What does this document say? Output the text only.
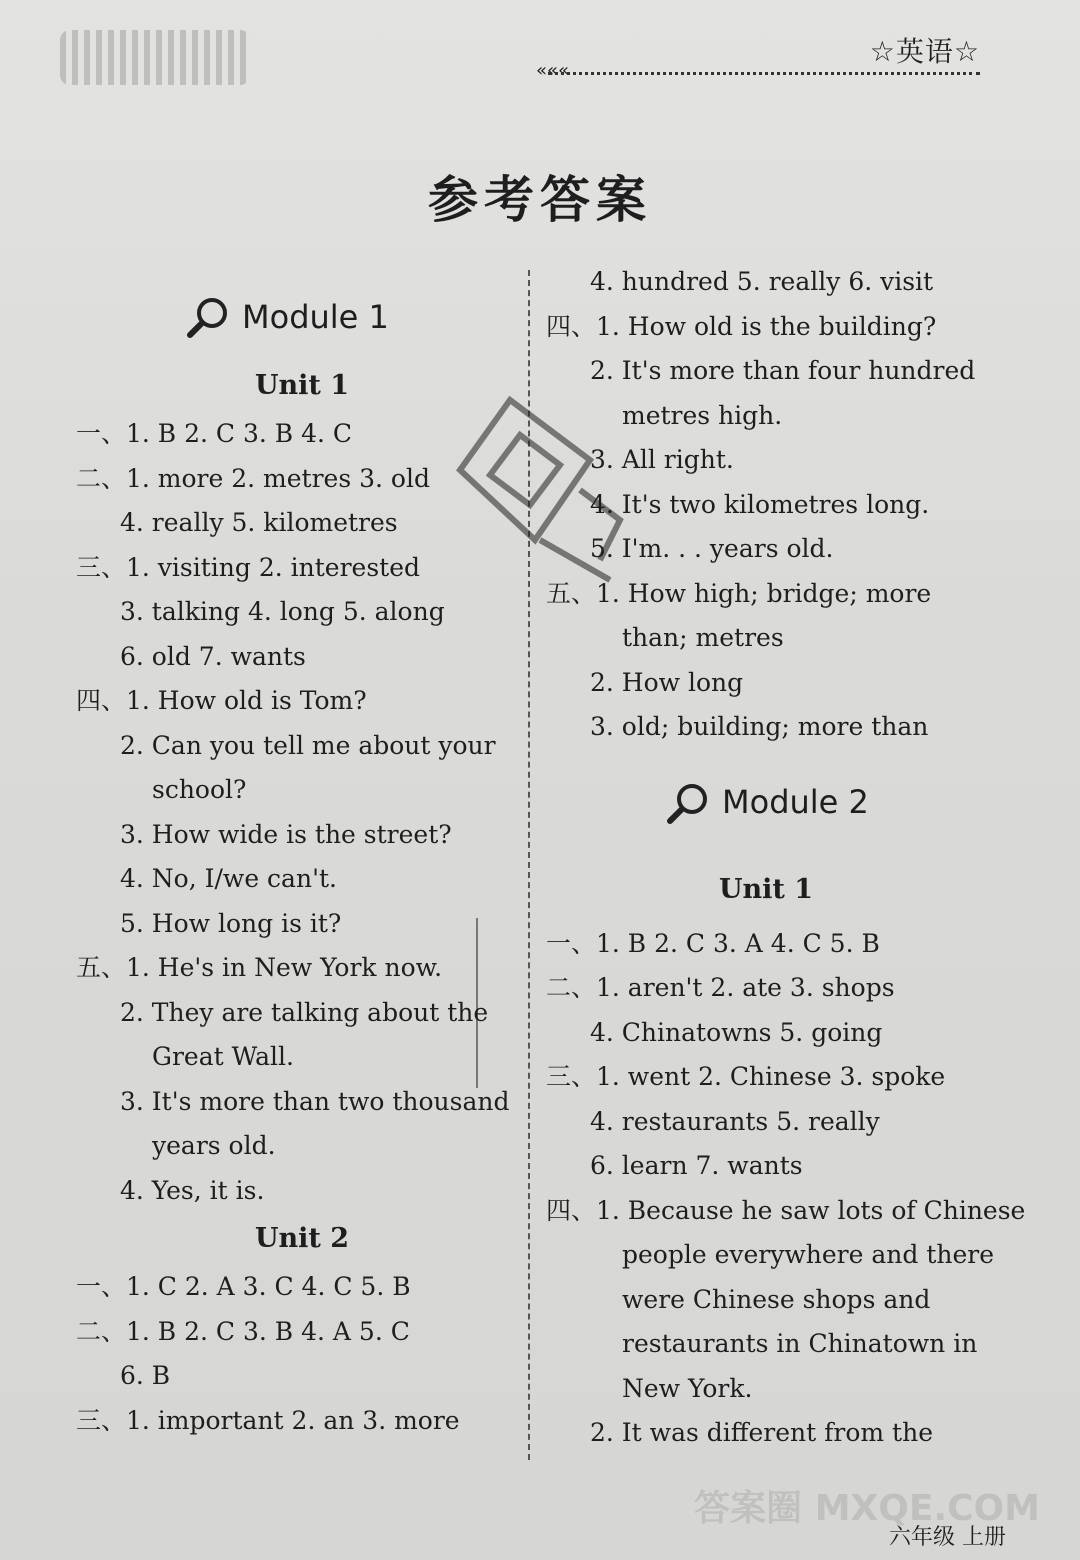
☆英语☆
«««
参考答案
Module 1
Unit 1
一、1. B 2. C 3. B 4. C
二、1. more 2. metres 3. old
4. really 5. kilometres
三、1. visiting 2. interested
3. talking 4. long 5. along
6. old 7. wants
四、1. How old is Tom?
2. Can you tell me about your
school?
3. How wide is the street?
4. No, I/we can't.
5. How long is it?
五、1. He's in New York now.
2. They are talking about the
Great Wall.
3. It's more than two thousand
years old.
4. Yes, it is.
Unit 2
一、1. C 2. A 3. C 4. C 5. B
二、1. B 2. C 3. B 4. A 5. C
6. B
三、1. important 2. an 3. more
4. hundred 5. really 6. visit
四、1. How old is the building?
2. It's more than four hundred
metres high.
3. All right.
4. It's two kilometres long.
5. I'm. . . years old.
五、1. How high; bridge; more
than; metres
2. How long
3. old; building; more than
Module 2
Unit 1
一、1. B 2. C 3. A 4. C 5. B
二、1. aren't 2. ate 3. shops
4. Chinatowns 5. going
三、1. went 2. Chinese 3. spoke
4. restaurants 5. really
6. learn 7. wants
四、1. Because he saw lots of Chinese
people everywhere and there
were Chinese shops and
restaurants in Chinatown in
New York.
2. It was different from the
六年级 上册
答案圈 MXQE.COM
